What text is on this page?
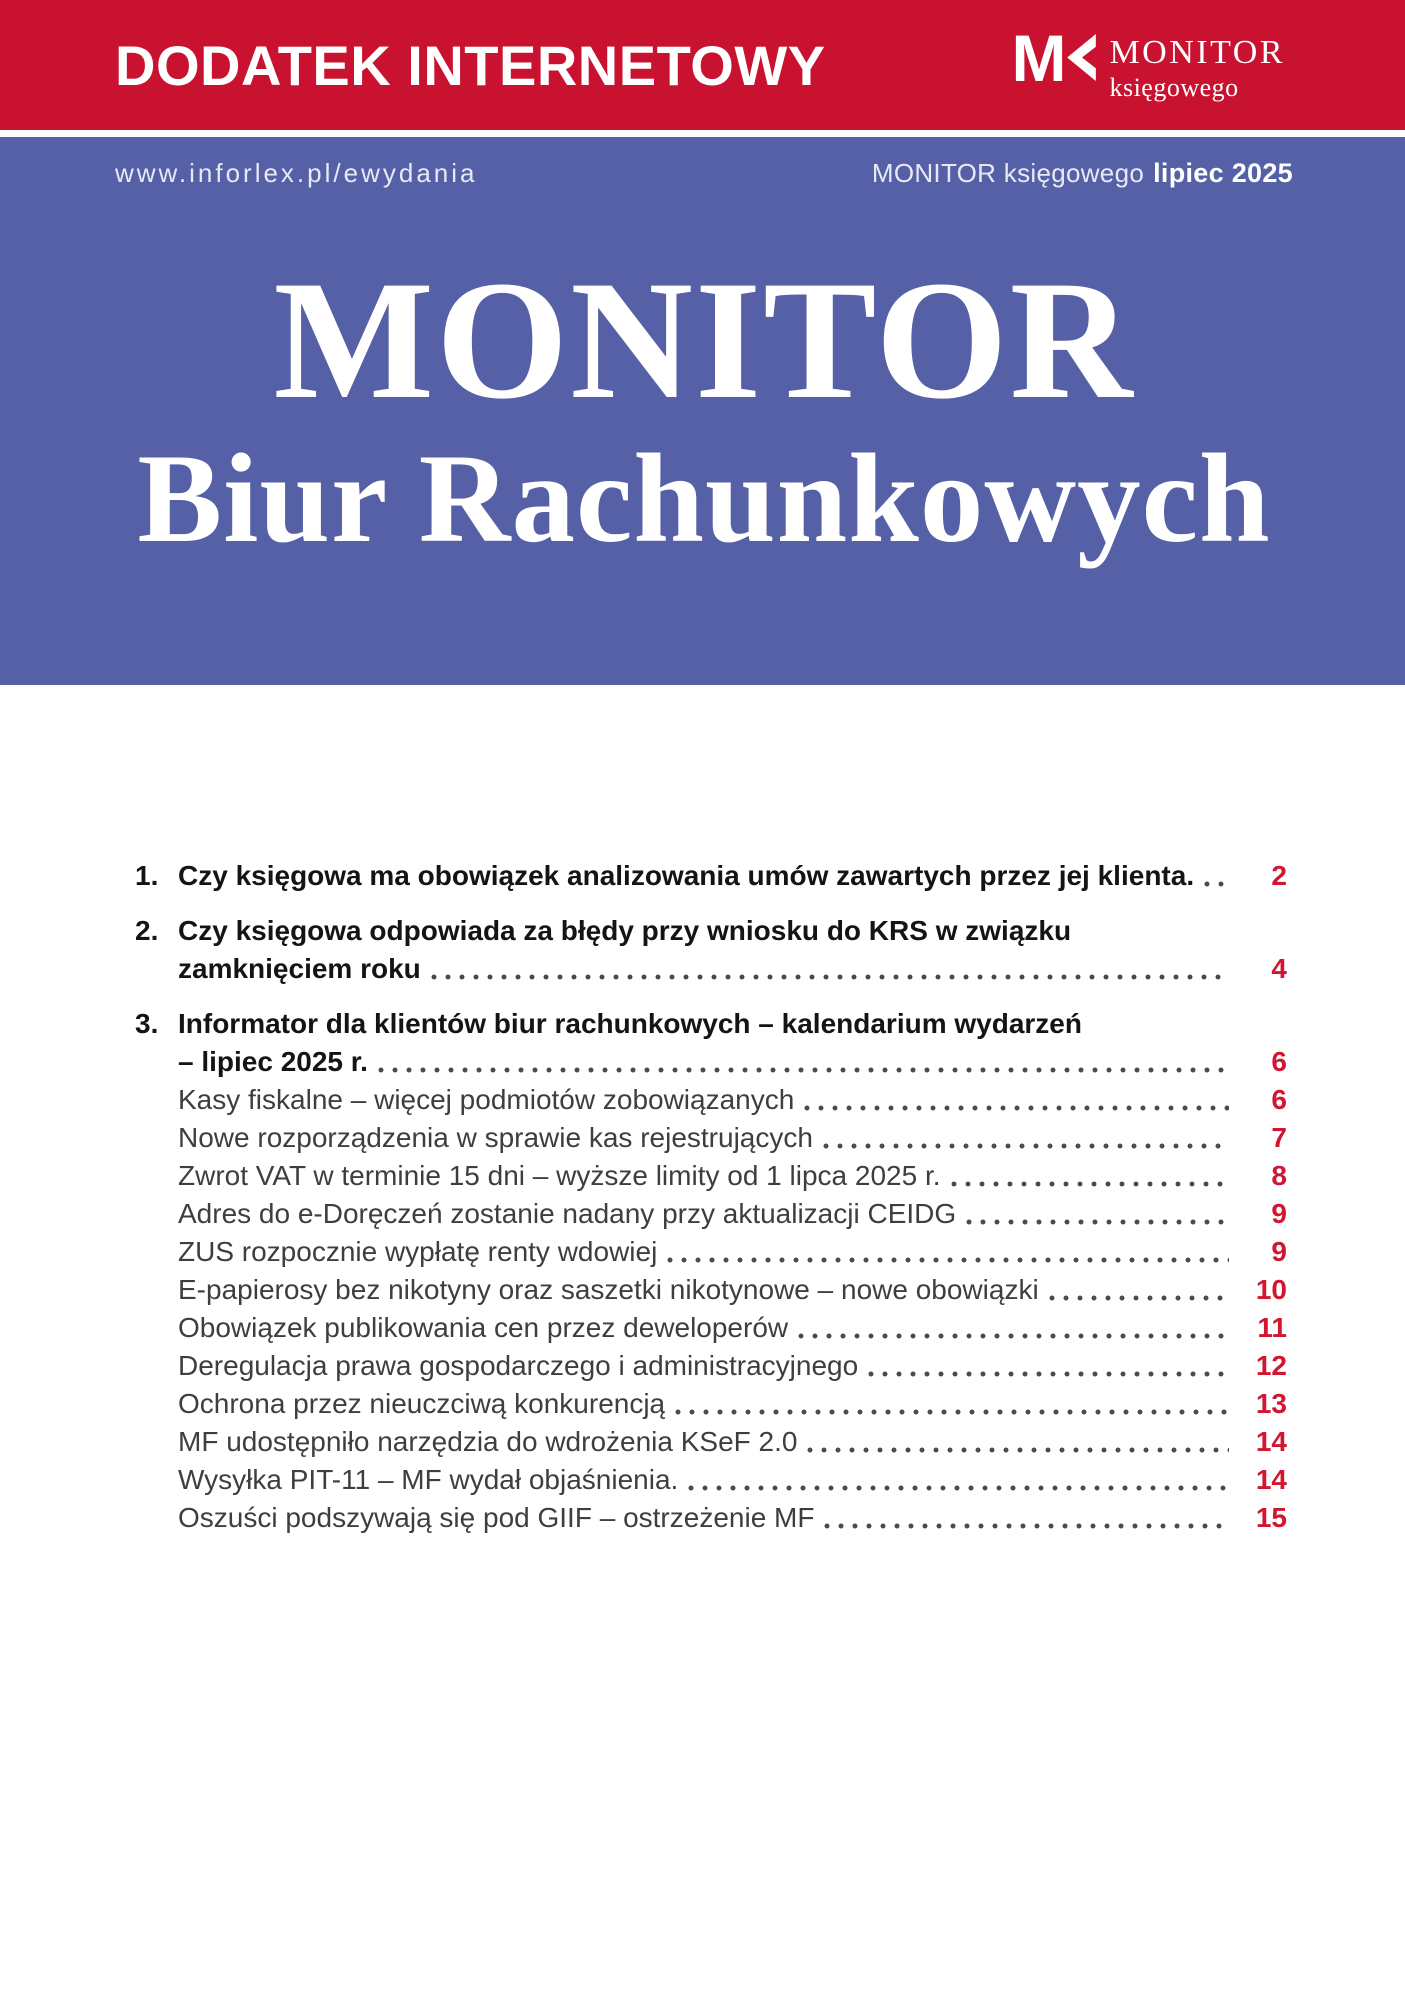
DODATEK INTERNETOWY	M MONITOR
księgowego
www.inforlex.pl/ewydania	MONITOR księgowego lipiec 2025
MONITOR
Biur Rachunkowych
1. Czy księgowa ma obowiązek analizowania umów zawartych przez jej klienta.	2
2. Czy księgowa odpowiada za błędy przy wniosku do KRS w związku
zamknięciem roku	4
3. Informator dla klientów biur rachunkowych – kalendarium wydarzeń
– lipiec 2025 r.	6
Kasy fiskalne – więcej podmiotów zobowiązanych	6
Nowe rozporządzenia w sprawie kas rejestrujących	7
Zwrot VAT w terminie 15 dni – wyższe limity od 1 lipca 2025 r.	8
Adres do e-Doręczeń zostanie nadany przy aktualizacji CEIDG	9
ZUS rozpocznie wypłatę renty wdowiej	9
E-papierosy bez nikotyny oraz saszetki nikotynowe – nowe obowiązki	10
Obowiązek publikowania cen przez deweloperów	11
Deregulacja prawa gospodarczego i administracyjnego	12
Ochrona przez nieuczciwą konkurencją	13
MF udostępniło narzędzia do wdrożenia KSeF 2.0	14
Wysyłka PIT-11 – MF wydał objaśnienia.	14
Oszuści podszywają się pod GIIF – ostrzeżenie MF	15
